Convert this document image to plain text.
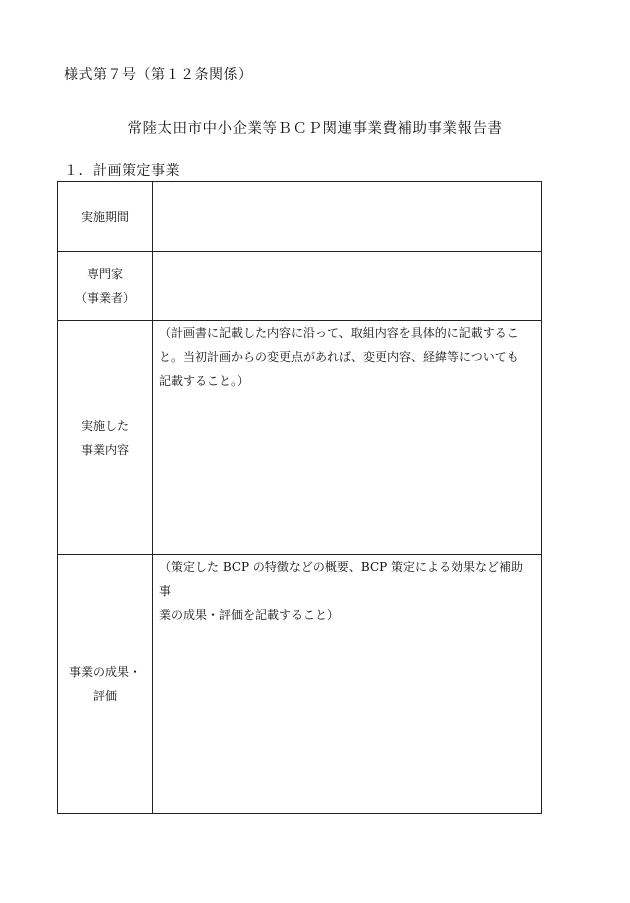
様式第７号（第１２条関係）
常陸太田市中小企業等ＢＣＰ関連事業費補助事業報告書
１．計画策定事業
実施期間	

専門家
（事業者）	

実施した
事業内容	（計画書に記載した内容に沿って、取組内容を具体的に記載するこ
と。当初計画からの変更点があれば、変更内容、経緯等についても
記載すること。）

事業の成果・
評価	（策定した BCP の特徴などの概要、BCP 策定による効果など補助事
業の成果・評価を記載すること）
